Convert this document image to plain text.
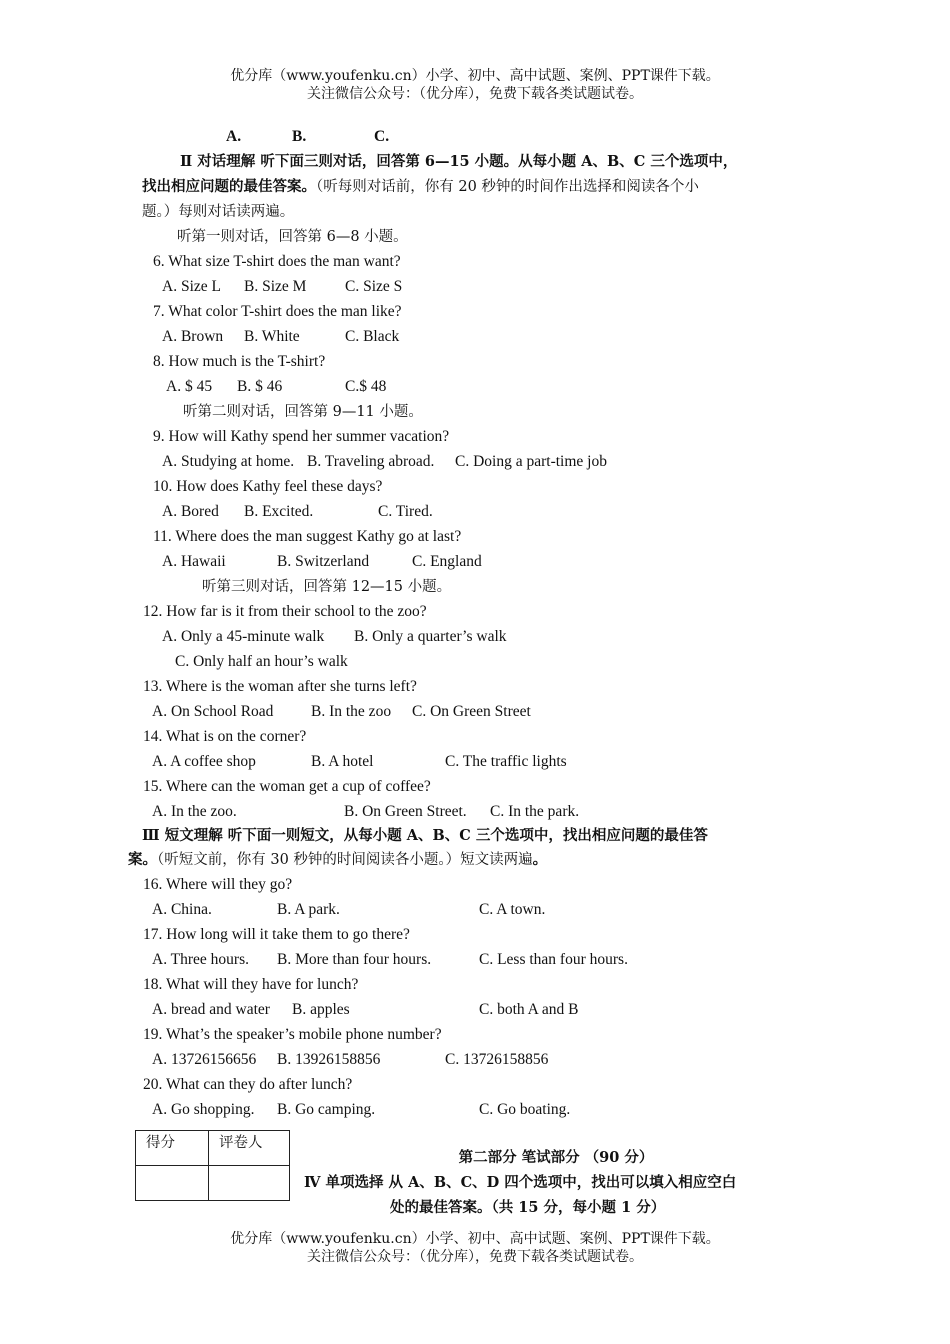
优分库（www.youfenku.cn）小学、初中、高中试题、案例、PPT课件下载。
关注微信公众号：（优分库），免费下载各类试题试卷。
A.	B.	C.
Ⅱ 对话理解 听下面三则对话，回答第 6—15 小题。从每小题 A、B、C 三个选项中，
找出相应问题的最佳答案。（听每则对话前，你有 20 秒钟的时间作出选择和阅读各个小
题。）每则对话读两遍。
听第一则对话，回答第 6—8 小题。
6. What size T-shirt does the man want?
A. Size L B. Size M C. Size S
7. What color T-shirt does the man like?
A. Brown B. White	C. Black
8. How much is the T-shirt?
A. $ 45 B. $ 46	C.$ 48
听第二则对话，回答第 9—11 小题。
9. How will Kathy spend her summer vacation?
A. Studying at home. B. Traveling abroad. C. Doing a part-time job
10. How does Kathy feel these days?
A. Bored B. Excited.	C. Tired.
11. Where does the man suggest Kathy go at last?
A. Hawaii	B. Switzerland	C. England
听第三则对话，回答第 12—15 小题。
12. How far is it from their school to the zoo?
A. Only a 45-minute walk B. Only a quarter’s walk
C. Only half an hour’s walk
13. Where is the woman after she turns left?
A. On School Road B. In the zoo C. On Green Street
14. What is on the corner?
A. A coffee shop	B. A hotel	C. The traffic lights
15. Where can the woman get a cup of coffee?
A. In the zoo.	B. On Green Street. C. In the park.
Ⅲ 短文理解 听下面一则短文，从每小题 A、B、C 三个选项中，找出相应问题的最佳答
案。（听短文前，你有 30 秒钟的时间阅读各小题。）短文读两遍。
16. Where will they go?
A. China.	B. A park.	C. A town.
17. How long will it take them to go there?
A. Three hours. B. More than four hours.	C. Less than four hours.
18. What will they have for lunch?
A. bread and water B. apples	C. both A and B
19. What’s the speaker’s mobile phone number?
A. 13726156656 B. 13926158856	C. 13726158856
20. What can they do after lunch?
A. Go shopping. B. Go camping.	C. Go boating.
得分	评卷人

第二部分 笔试部分 （90 分）
Ⅳ 单项选择 从 A、B、C、D 四个选项中，找出可以填入相应空白
处的最佳答案。（共 15 分，每小题 1 分）
优分库（www.youfenku.cn）小学、初中、高中试题、案例、PPT课件下载。
关注微信公众号：（优分库），免费下载各类试题试卷。
